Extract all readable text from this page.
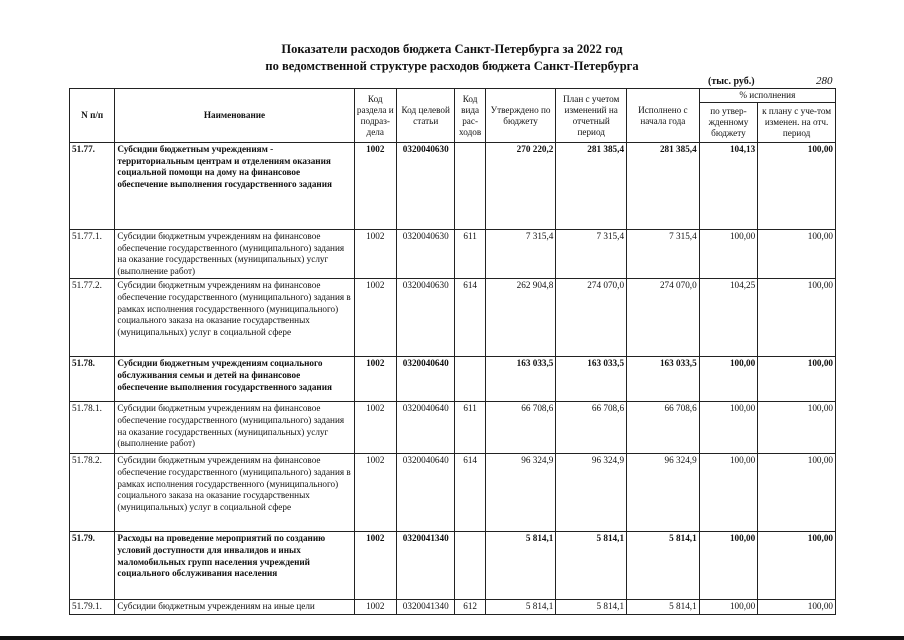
Показатели расходов бюджета Санкт-Петербурга за 2022 год
по ведомственной структуре расходов бюджета Санкт-Петербурга
(тыс. руб.)	280
N п/п	Наименование	Код раздела и подраз-дела	Код целевой статьи	Код вида рас-ходов	Утверждено по бюджету	План с учетом изменений на отчетный период	Исполнено с начала года	% исполнения	
								по утвер-жденному бюджету	к плану с уче-том изменен. на отч. период
51.77.	Субсидии бюджетным учреждениям - территориальным центрам и отделениям оказания социальной помощи на дому на финансовое обеспечение выполнения государственного задания	1002	0320040630		270 220,2	281 385,4	281 385,4	104,13	100,00
51.77.1.	Субсидии бюджетным учреждениям на финансовое обеспечение государственного (муниципального) задания на оказание государственных (муниципальных) услуг (выполнение работ)	1002	0320040630	611	7 315,4	7 315,4	7 315,4	100,00	100,00
51.77.2.	Субсидии бюджетным учреждениям на финансовое обеспечение государственного (муниципального) задания в рамках исполнения государственного (муниципального) социального заказа на оказание государственных (муниципальных) услуг в социальной сфере	1002	0320040630	614	262 904,8	274 070,0	274 070,0	104,25	100,00
51.78.	Субсидии бюджетным учреждениям социального обслуживания семьи и детей на финансовое обеспечение выполнения государственного задания	1002	0320040640		163 033,5	163 033,5	163 033,5	100,00	100,00
51.78.1.	Субсидии бюджетным учреждениям на финансовое обеспечение государственного (муниципального) задания на оказание государственных (муниципальных) услуг (выполнение работ)	1002	0320040640	611	66 708,6	66 708,6	66 708,6	100,00	100,00
51.78.2.	Субсидии бюджетным учреждениям на финансовое обеспечение государственного (муниципального) задания в рамках исполнения государственного (муниципального) социального заказа на оказание государственных (муниципальных) услуг в социальной сфере	1002	0320040640	614	96 324,9	96 324,9	96 324,9	100,00	100,00
51.79.	Расходы на проведение мероприятий по созданию условий доступности для инвалидов и иных маломобильных групп населения учреждений социального обслуживания населения	1002	0320041340		5 814,1	5 814,1	5 814,1	100,00	100,00
51.79.1.	Субсидии бюджетным учреждениям на иные цели	1002	0320041340	612	5 814,1	5 814,1	5 814,1	100,00	100,00
